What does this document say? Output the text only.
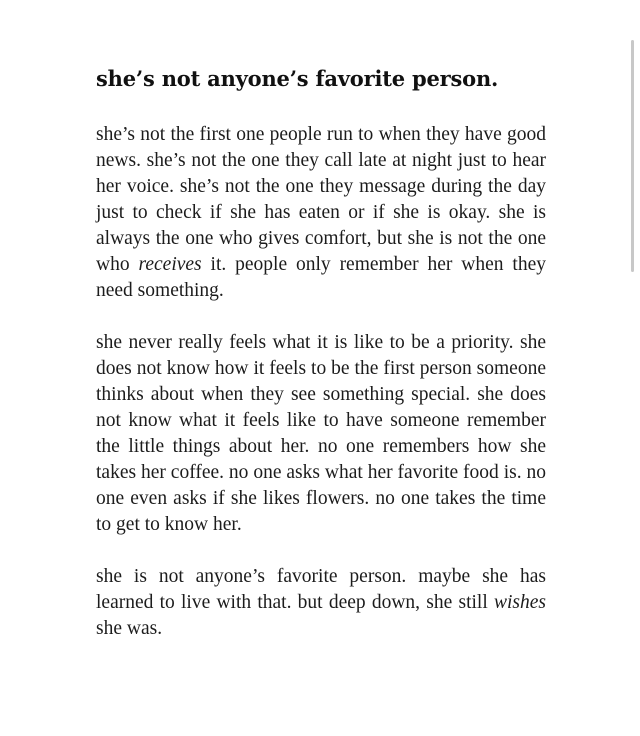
she’s not anyone’s favorite person.

she’s not the first one people run to when they have good news. she’s not the one they call late at night just to hear her voice. she’s not the one they message during the day just to check if she has eaten or if she is okay. she is always the one who gives comfort, but she is not the one who receives it. people only remember her when they need something.

she never really feels what it is like to be a priority. she does not know how it feels to be the first person someone thinks about when they see something special. she does not know what it feels like to have someone remember the little things about her. no one remembers how she takes her coffee. no one asks what her favorite food is. no one even asks if she likes flowers. no one takes the time to get to know her.

she is not anyone’s favorite person. maybe she has learned to live with that. but deep down, she still wishes she was.
